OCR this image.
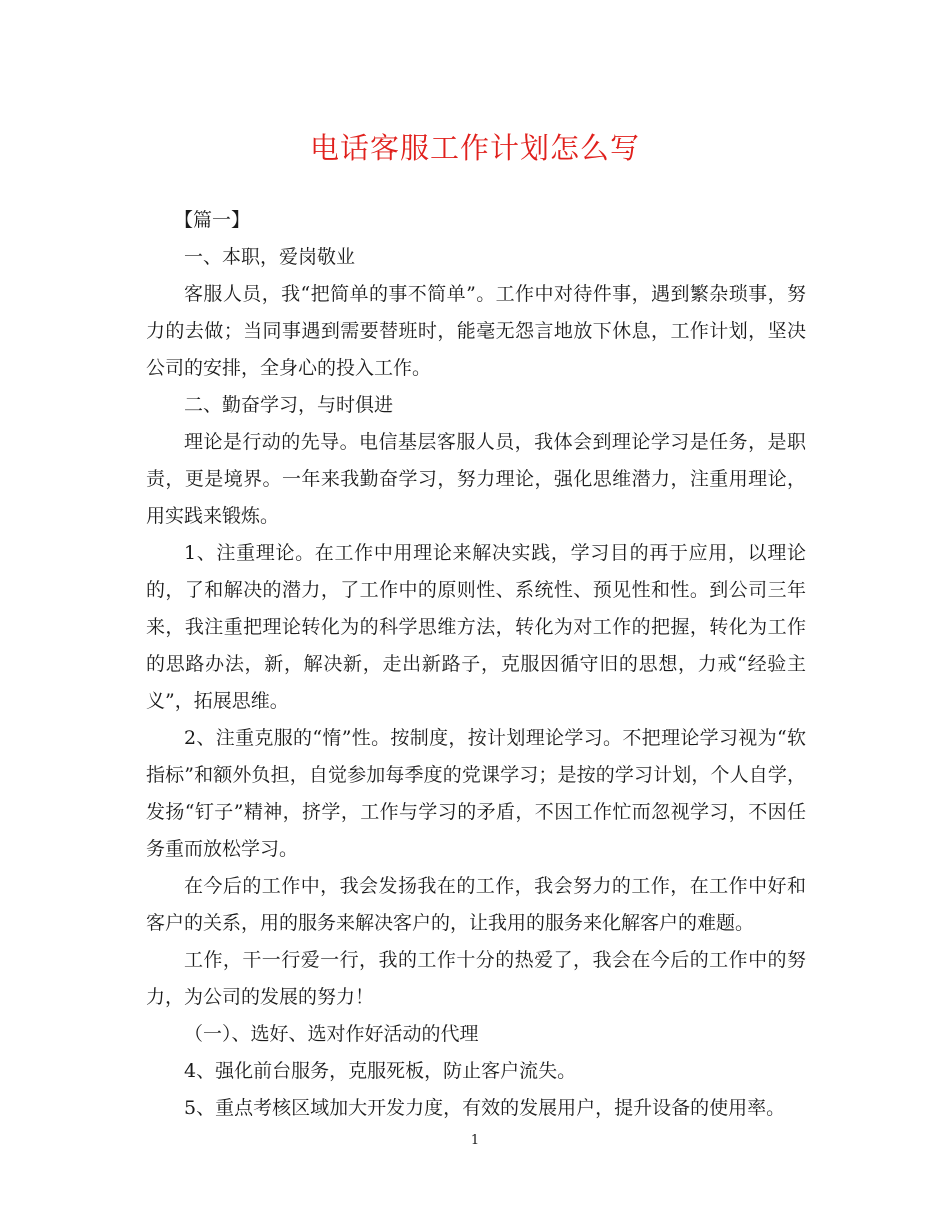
电话客服工作计划怎么写

【篇一】

一、本职，爱岗敬业

客服人员，我“把简单的事不简单”。工作中对待件事，遇到繁杂琐事，努力的去做；当同事遇到需要替班时，能毫无怨言地放下休息，工作计划，坚决公司的安排，全身心的投入工作。

二、勤奋学习，与时俱进

理论是行动的先导。电信基层客服人员，我体会到理论学习是任务，是职责，更是境界。一年来我勤奋学习，努力理论，强化思维潜力，注重用理论，用实践来锻炼。

1、注重理论。在工作中用理论来解决实践，学习目的再于应用，以理论的，了和解决的潜力，了工作中的原则性、系统性、预见性和性。到公司三年来，我注重把理论转化为的科学思维方法，转化为对工作的把握，转化为工作的思路办法，新，解决新，走出新路子，克服因循守旧的思想，力戒“经验主义”，拓展思维。

2、注重克服的“惰”性。按制度，按计划理论学习。不把理论学习视为“软指标”和额外负担，自觉参加每季度的党课学习；是按的学习计划，个人自学，发扬“钉子”精神，挤学，工作与学习的矛盾，不因工作忙而忽视学习，不因任务重而放松学习。

在今后的工作中，我会发扬我在的工作，我会努力的工作，在工作中好和客户的关系，用的服务来解决客户的，让我用的服务来化解客户的难题。

工作，干一行爱一行，我的工作十分的热爱了，我会在今后的工作中的努力，为公司的发展的努力！

（一）、选好、选对作好活动的代理

4、强化前台服务，克服死板，防止客户流失。

5、重点考核区域加大开发力度，有效的发展用户，提升设备的使用率。

1
